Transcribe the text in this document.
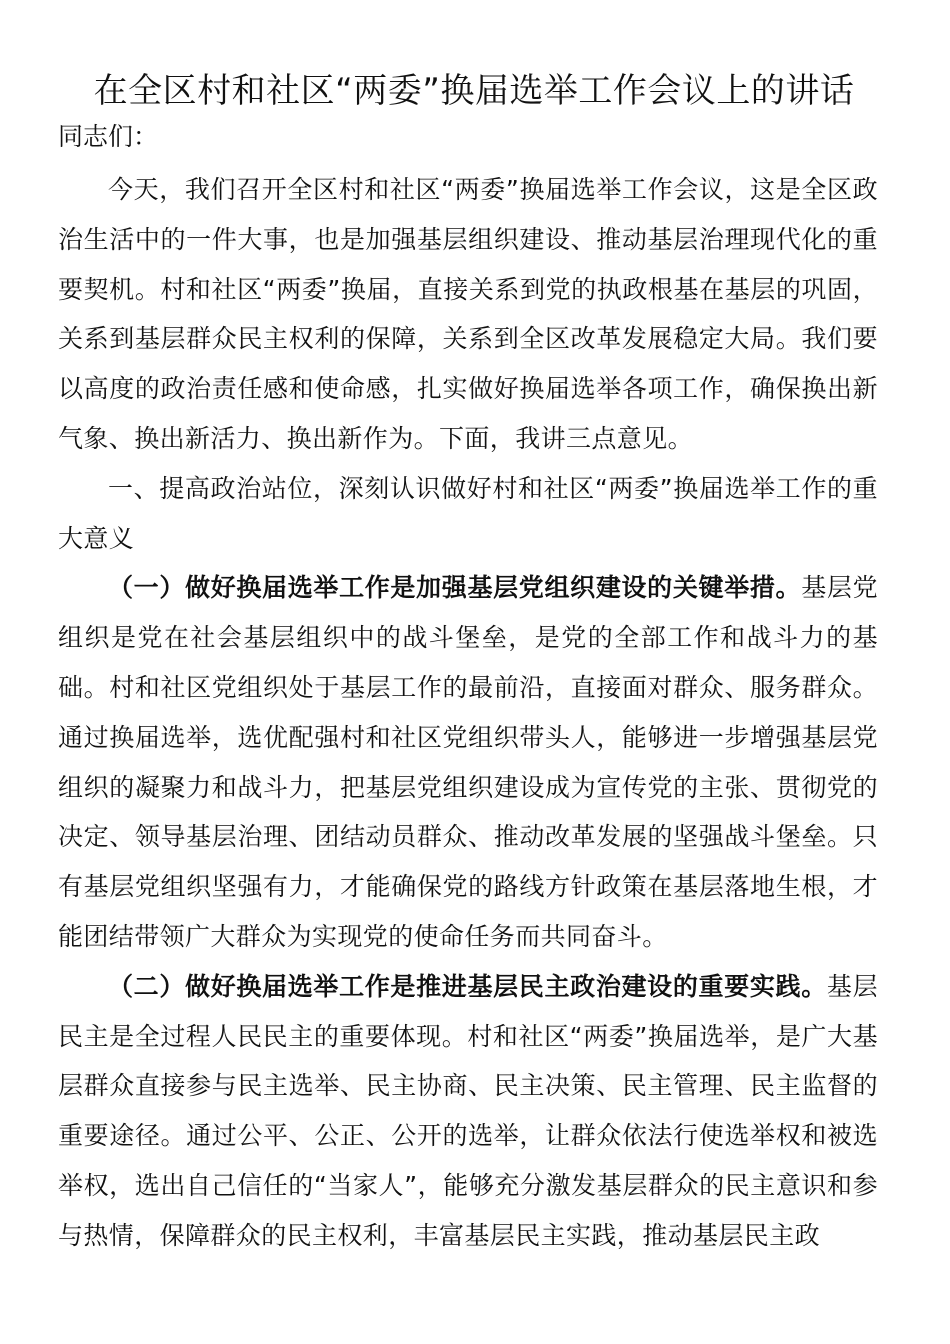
在全区村和社区“两委”换届选举工作会议上的讲话

同志们：

今天，我们召开全区村和社区“两委”换届选举工作会议，这是全区政治生活中的一件大事，也是加强基层组织建设、推动基层治理现代化的重要契机。村和社区“两委”换届，直接关系到党的执政根基在基层的巩固，关系到基层群众民主权利的保障，关系到全区改革发展稳定大局。我们要以高度的政治责任感和使命感，扎实做好换届选举各项工作，确保换出新气象、换出新活力、换出新作为。下面，我讲三点意见。

一、提高政治站位，深刻认识做好村和社区“两委”换届选举工作的重大意义

（一）做好换届选举工作是加强基层党组织建设的关键举措。基层党组织是党在社会基层组织中的战斗堡垒，是党的全部工作和战斗力的基础。村和社区党组织处于基层工作的最前沿，直接面对群众、服务群众。通过换届选举，选优配强村和社区党组织带头人，能够进一步增强基层党组织的凝聚力和战斗力，把基层党组织建设成为宣传党的主张、贯彻党的决定、领导基层治理、团结动员群众、推动改革发展的坚强战斗堡垒。只有基层党组织坚强有力，才能确保党的路线方针政策在基层落地生根，才能团结带领广大群众为实现党的使命任务而共同奋斗。

（二）做好换届选举工作是推进基层民主政治建设的重要实践。基层民主是全过程人民民主的重要体现。村和社区“两委”换届选举，是广大基层群众直接参与民主选举、民主协商、民主决策、民主管理、民主监督的重要途径。通过公平、公正、公开的选举，让群众依法行使选举权和被选举权，选出自己信任的“当家人”，能够充分激发基层群众的民主意识和参与热情，保障群众的民主权利，丰富基层民主实践，推动基层民主政
